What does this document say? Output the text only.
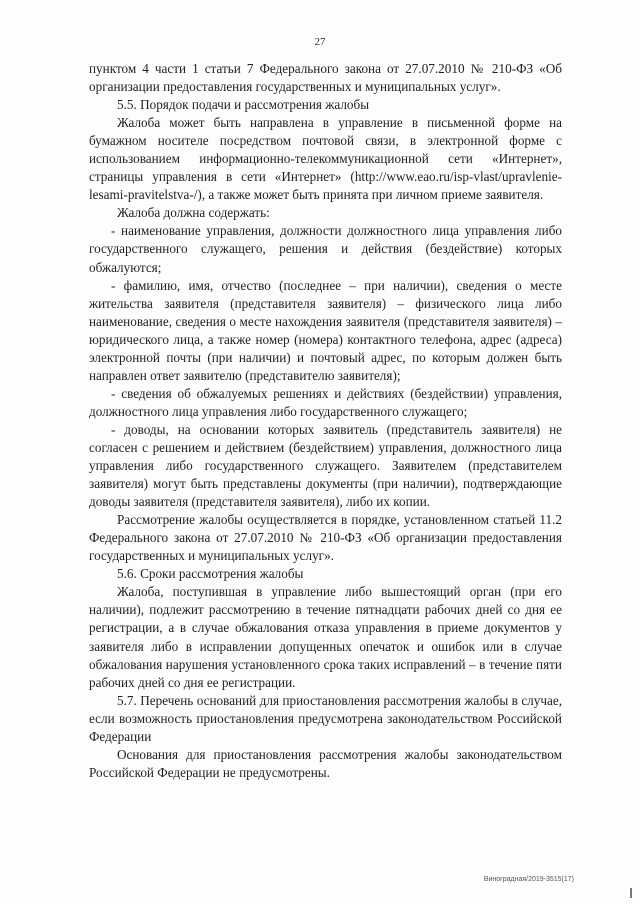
27

пунктом 4 части 1 статьи 7 Федерального закона от 27.07.2010 № 210-ФЗ «Об организации предоставления государственных и муниципальных услуг».

5.5. Порядок подачи и рассмотрения жалобы

Жалоба может быть направлена в управление в письменной форме на бумажном носителе посредством почтовой связи, в электронной форме с использованием информационно-телекоммуникационной сети «Интернет», страницы управления в сети «Интернет» (http://www.eao.ru/isp-vlast/upravlenie-lesami-pravitelstva-/), а также может быть принята при личном приеме заявителя.

Жалоба должна содержать:

- наименование управления, должности должностного лица управления либо государственного служащего, решения и действия (бездействие) которых обжалуются;

- фамилию, имя, отчество (последнее – при наличии), сведения о месте жительства заявителя (представителя заявителя) – физического лица либо наименование, сведения о месте нахождения заявителя (представителя заявителя) – юридического лица, а также номер (номера) контактного телефона, адрес (адреса) электронной почты (при наличии) и почтовый адрес, по которым должен быть направлен ответ заявителю (представителю заявителя);

- сведения об обжалуемых решениях и действиях (бездействии) управления, должностного лица управления либо государственного служащего;

- доводы, на основании которых заявитель (представитель заявителя) не согласен с решением и действием (бездействием) управления, должностного лица управления либо государственного служащего. Заявителем (представителем заявителя) могут быть представлены документы (при наличии), подтверждающие доводы заявителя (представителя заявителя), либо их копии.

Рассмотрение жалобы осуществляется в порядке, установленном статьей 11.2 Федерального закона от 27.07.2010 № 210-ФЗ «Об организации предоставления государственных и муниципальных услуг».

5.6. Сроки рассмотрения жалобы

Жалоба, поступившая в управление либо вышестоящий орган (при его наличии), подлежит рассмотрению в течение пятнадцати рабочих дней со дня ее регистрации, а в случае обжалования отказа управления в приеме документов у заявителя либо в исправлении допущенных опечаток и ошибок или в случае обжалования нарушения установленного срока таких исправлений – в течение пяти рабочих дней со дня ее регистрации.

5.7. Перечень оснований для приостановления рассмотрения жалобы в случае, если возможность приостановления предусмотрена законодательством Российской Федерации

Основания для приостановления рассмотрения жалобы законодательством Российской Федерации не предусмотрены.

Виноградная/2019-3515(17)
